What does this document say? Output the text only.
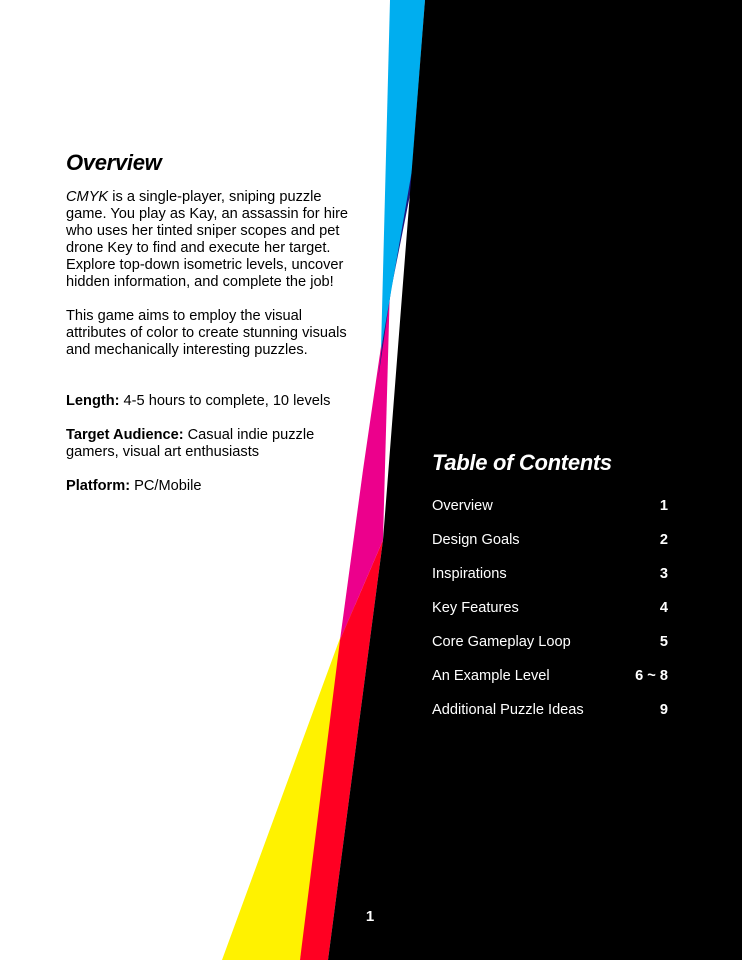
Overview

CMYK is a single-player, sniping puzzle game. You play as Kay, an assassin for hire who uses her tinted sniper scopes and pet drone Key to find and execute her target. Explore top-down isometric levels, uncover hidden information, and complete the job!

This game aims to employ the visual attributes of color to create stunning visuals and mechanically interesting puzzles.

Length: 4-5 hours to complete, 10 levels

Target Audience: Casual indie puzzle gamers, visual art enthusiasts

Platform: PC/Mobile

Table of Contents
Overview	1
Design Goals	2
Inspirations	3
Key Features	4
Core Gameplay Loop	5
An Example Level	6 ~ 8
Additional Puzzle Ideas	9
1
